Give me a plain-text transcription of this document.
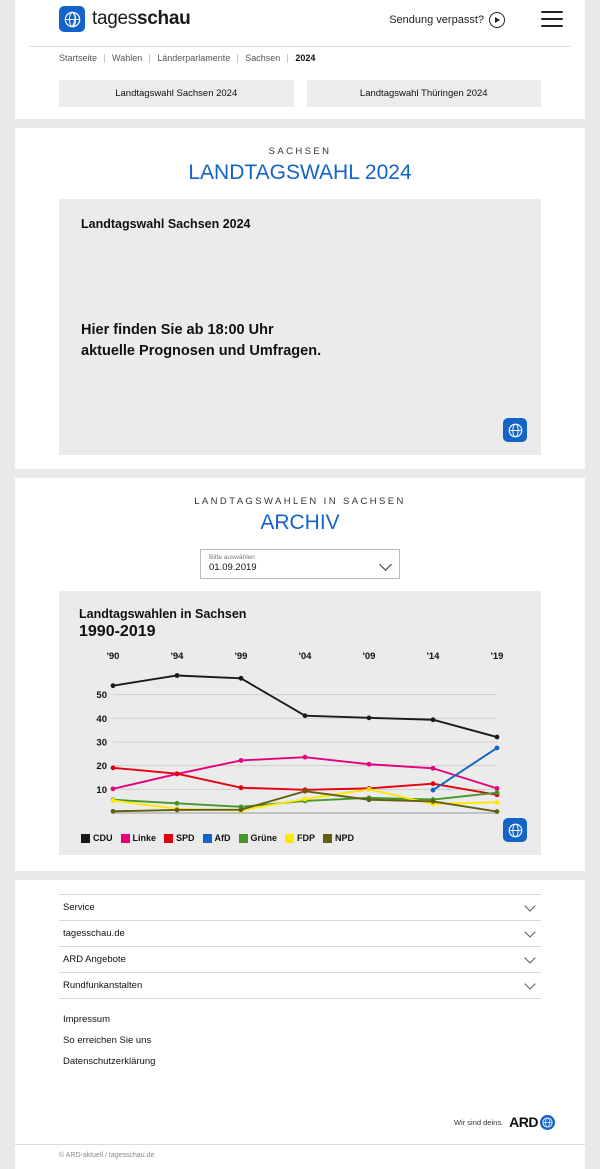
tagesschau	Sendung verpasst?
Startseite	Wahlen	Länderparlamente	Sachsen	2024
Landtagswahl Sachsen 2024	Landtagswahl Thüringen 2024
SACHSEN
LANDTAGSWAHL 2024
Landtagswahl Sachsen 2024
Hier finden Sie ab 18:00 Uhr
aktuelle Prognosen und Umfragen.
LANDTAGSWAHLEN IN SACHSEN
ARCHIV
Bitte auswählen
01.09.2019
Landtagswahlen in Sachsen
1990-2019
10
20
30
40
50
'90	'94	'99	'04	'09	'14	'19
CDU Linke SPD AfD Grüne FDP NPD
Service
tagesschau.de
ARD Angebote
Rundfunkanstalten
Impressum
So erreichen Sie uns
Datenschutzerklärung
Wir sind deins. ARD
© ARD-aktuell / tagesschau.de
